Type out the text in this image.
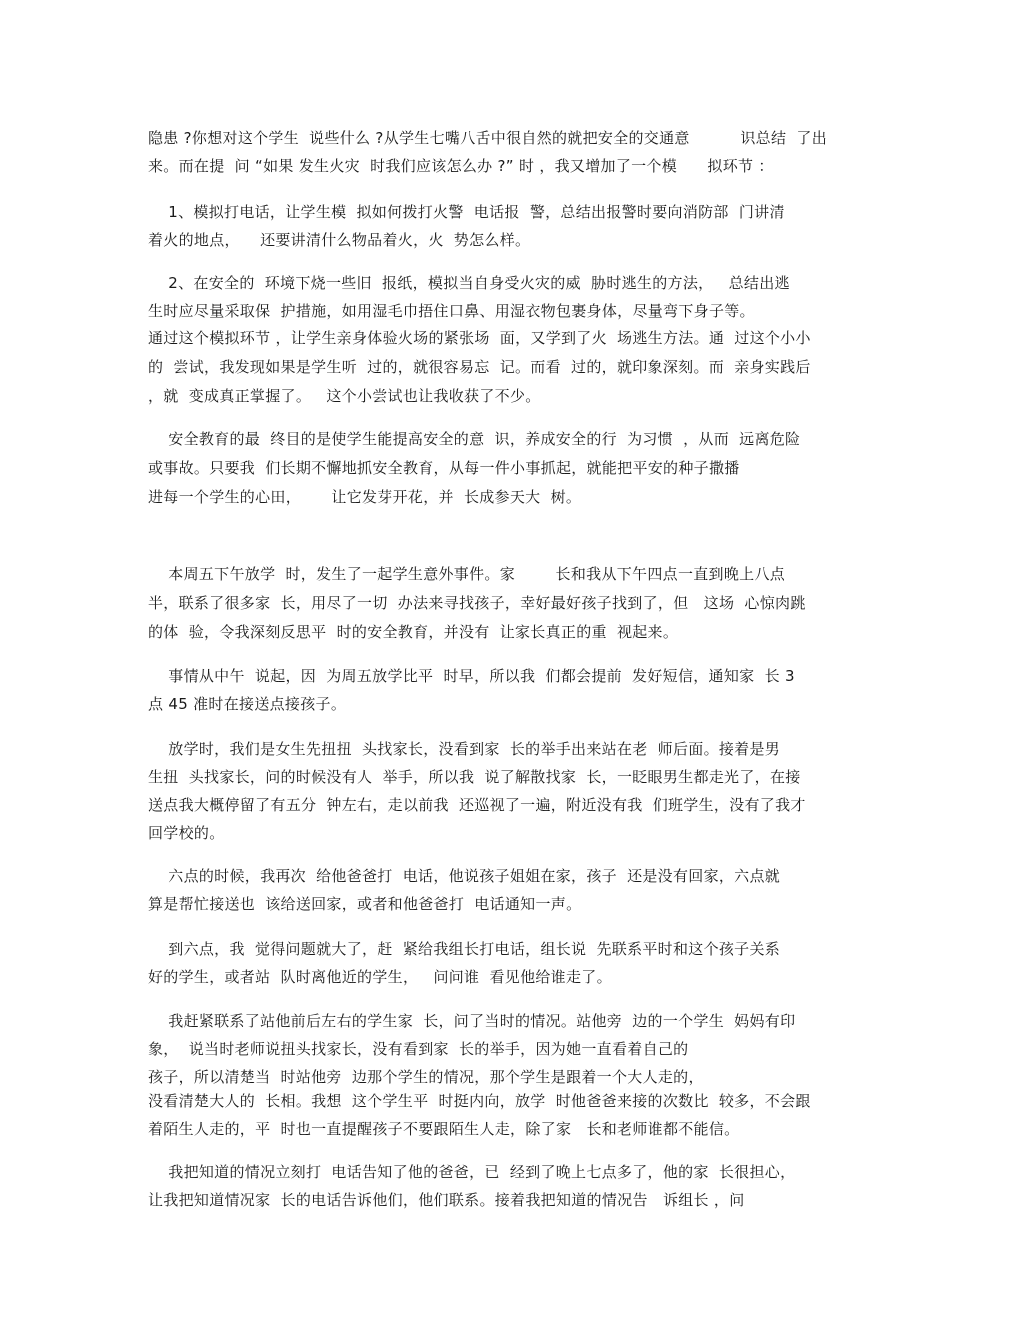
隐患 ?你想对这个学生  说些什么 ?从学生七嘴八舌中很自然的就把安全的交通意          识总结  了出
来。而在提  问 “如果 发生火灾  时我们应该怎么办 ?” 时 ，我又增加了一个模      拟环节 ：
1、模拟打电话，让学生模  拟如何拨打火警  电话报  警，总结出报警时要向消防部  门讲清
着火的地点，    还要讲清什么物品着火，火  势怎么样。
2、在安全的  环境下烧一些旧  报纸，模拟当自身受火灾的威  胁时逃生的方法，   总结出逃
生时应尽量采取保  护措施，如用湿毛巾捂住口鼻、用湿衣物包裹身体，尽量弯下身子等。
通过这个模拟环节 ，让学生亲身体验火场的紧张场  面，又学到了火  场逃生方法。通  过这个小小
的  尝试，我发现如果是学生听  过的，就很容易忘  记。而看  过的，就印象深刻。而  亲身实践后
，就  变成真正掌握了。   这个小尝试也让我收获了不少。
安全教育的最  终目的是使学生能提高安全的意  识，养成安全的行  为习惯  ，从而  远离危险
或事故。只要我  们长期不懈地抓安全教育，从每一件小事抓起，就能把平安的种子撒播
进每一个学生的心田，      让它发芽开花，并  长成参天大  树。
本周五下午放学  时，发生了一起学生意外事件。家        长和我从下午四点一直到晚上八点
半，联系了很多家  长，用尽了一切  办法来寻找孩子，幸好最好孩子找到了，但   这场  心惊肉跳
的体  验，令我深刻反思平  时的安全教育，并没有  让家长真正的重  视起来。
事情从中午  说起，因  为周五放学比平  时早，所以我  们都会提前  发好短信，通知家  长 3
点 45 准时在接送点接孩子。
放学时，我们是女生先扭扭  头找家长，没看到家  长的举手出来站在老  师后面。接着是男
生扭  头找家长，问的时候没有人  举手，所以我  说了解散找家  长，一眨眼男生都走光了，在接
送点我大概停留了有五分  钟左右，走以前我  还巡视了一遍，附近没有我  们班学生，没有了我才
回学校的。
六点的时候，我再次  给他爸爸打  电话，他说孩子姐姐在家，孩子  还是没有回家，六点就
算是帮忙接送也  该给送回家，或者和他爸爸打  电话通知一声。
到六点，我  觉得问题就大了，赶  紧给我组长打电话，组长说  先联系平时和这个孩子关系
好的学生，或者站  队时离他近的学生，   问问谁  看见他给谁走了。
我赶紧联系了站他前后左右的学生家  长，问了当时的情况。站他旁  边的一个学生  妈妈有印
象，  说当时老师说扭头找家长，没有看到家  长的举手，因为她一直看着自己的
孩子，所以清楚当  时站他旁  边那个学生的情况，那个学生是跟着一个大人走的，
没看清楚大人的  长相。我想  这个学生平  时挺内向，放学  时他爸爸来接的次数比  较多，不会跟
着陌生人走的，平  时也一直提醒孩子不要跟陌生人走，除了家   长和老师谁都不能信。
我把知道的情况立刻打  电话告知了他的爸爸，已  经到了晚上七点多了，他的家  长很担心，
让我把知道情况家  长的电话告诉他们，他们联系。接着我把知道的情况告   诉组长 ，问
